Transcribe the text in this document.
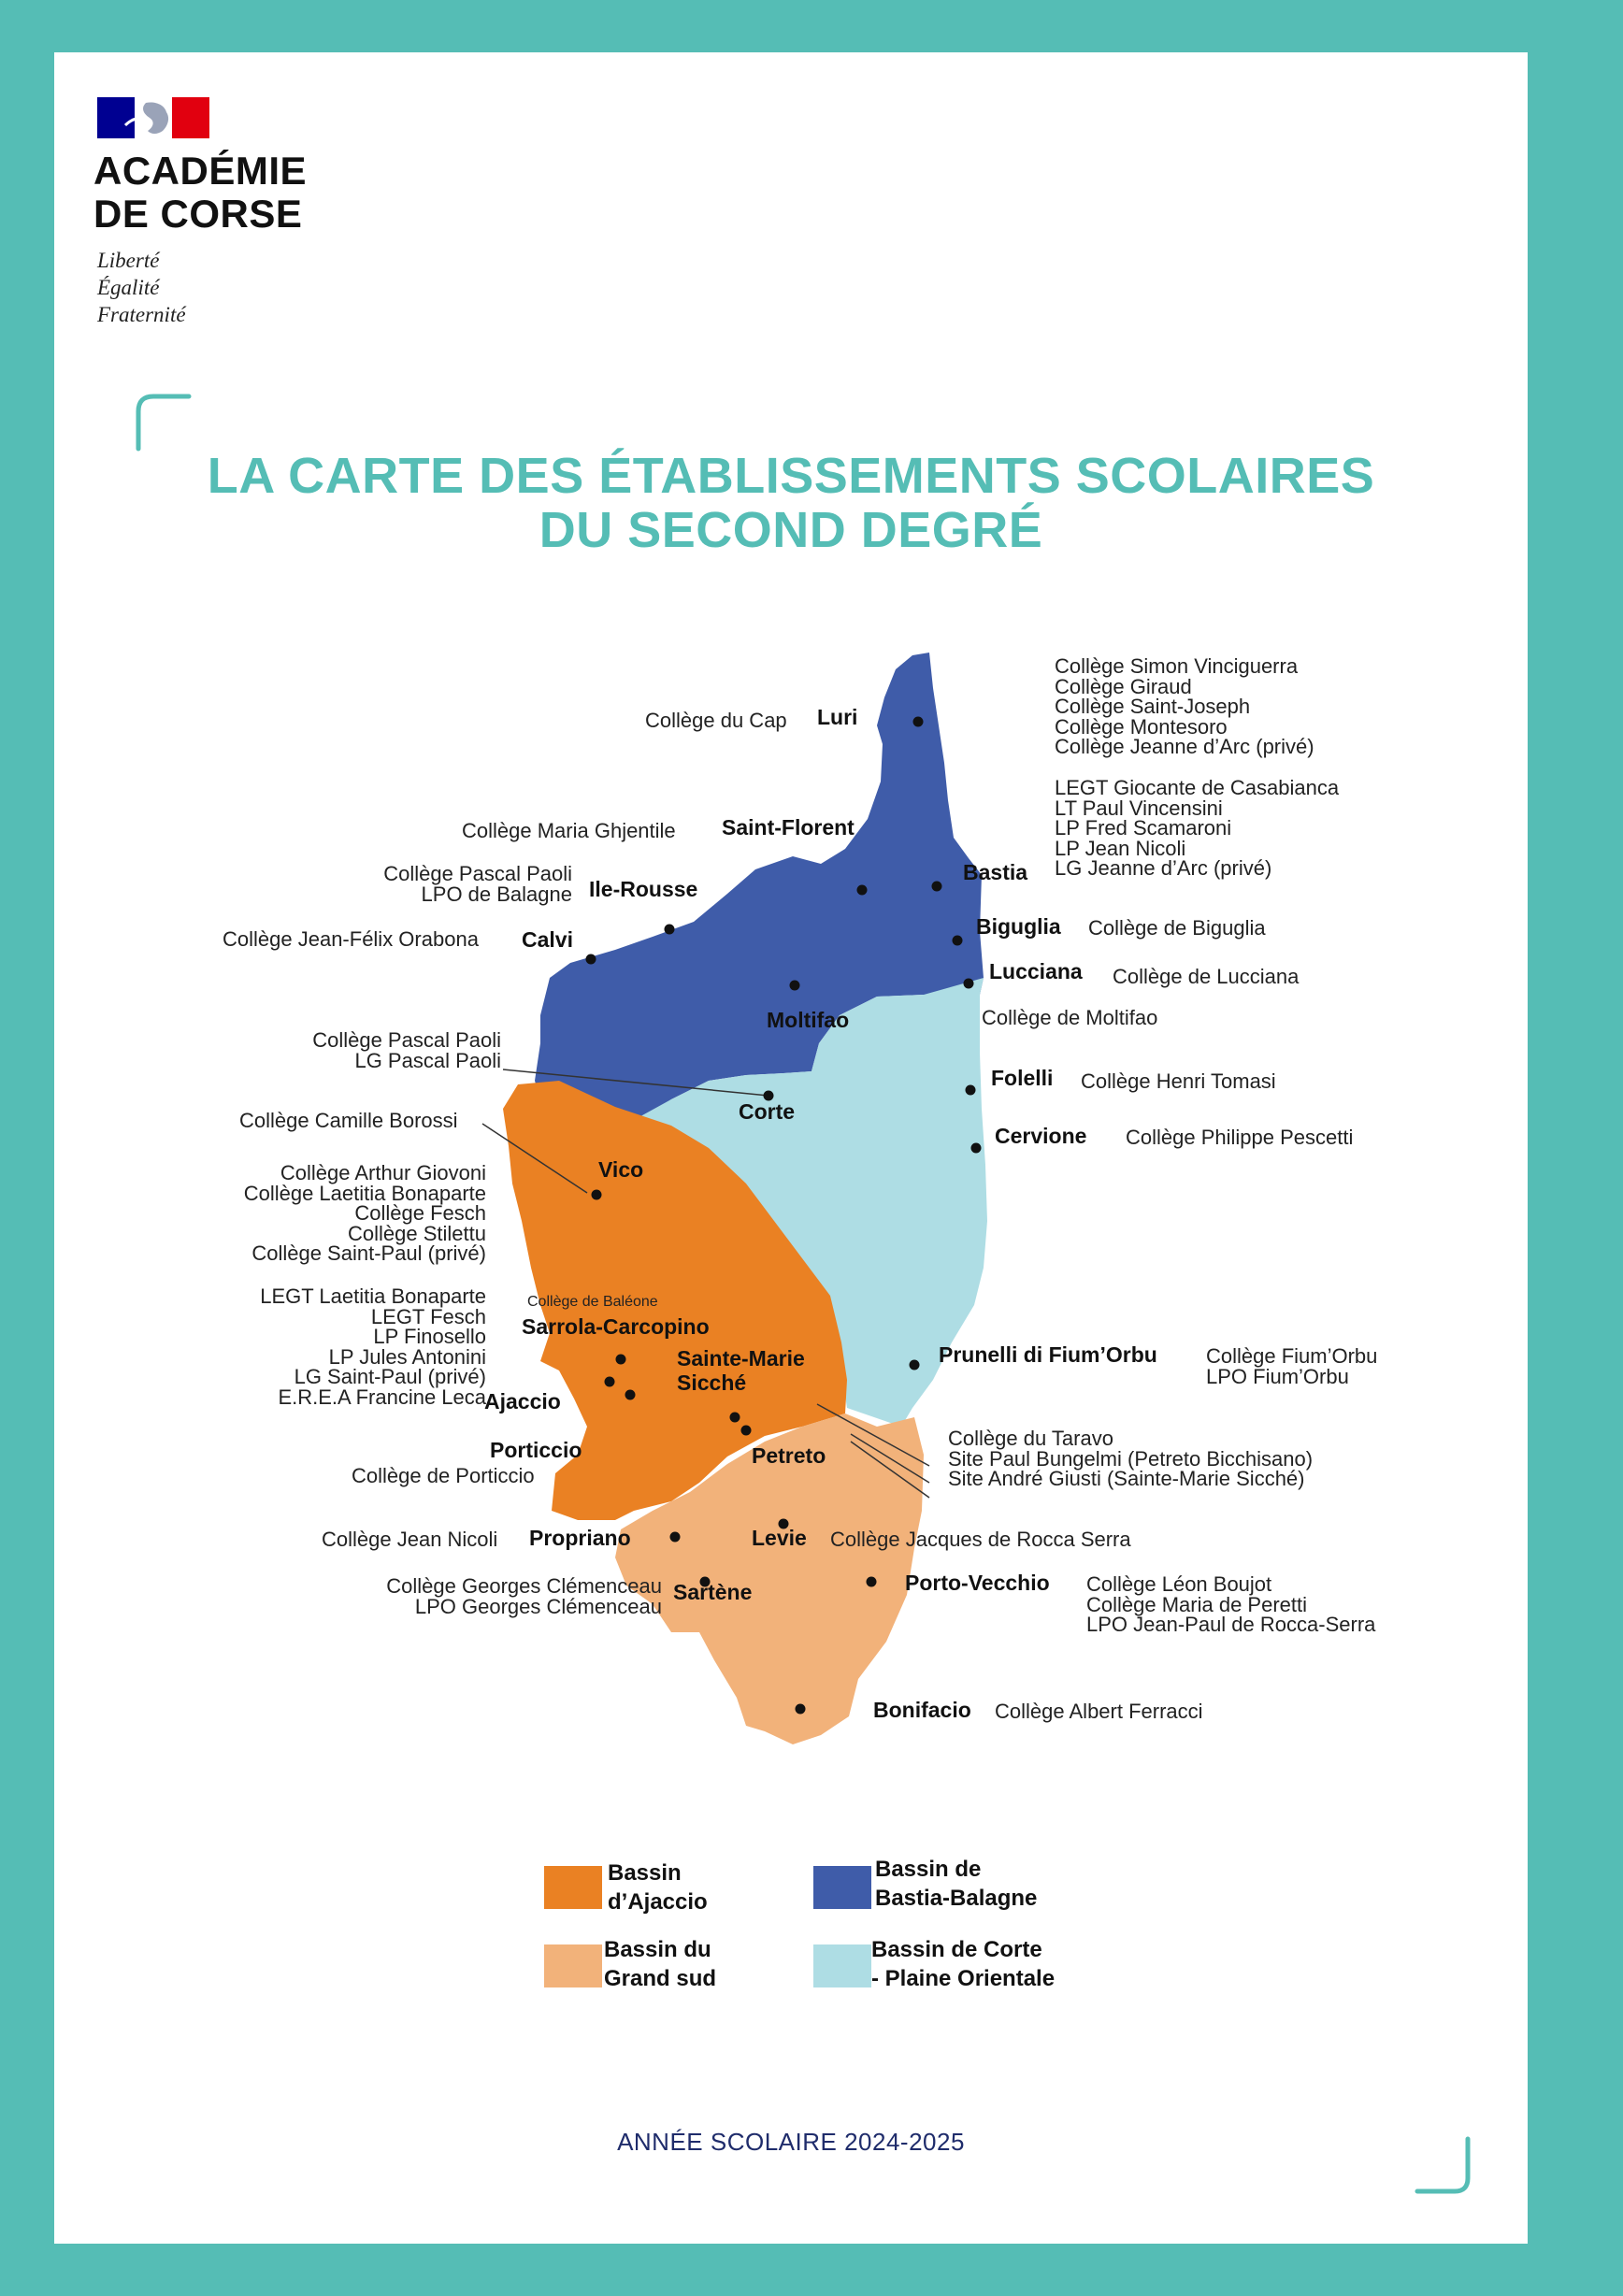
ACADÉMIE
DE CORSE
Liberté
Égalité
Fraternité
LA CARTE DES ÉTABLISSEMENTS SCOLAIRES
DU SECOND DEGRÉ
Luri
Saint-Florent
Ile-Rousse
Calvi
Bastia
Biguglia
Lucciana
Moltifao
Corte
Folelli
Cervione
Vico
Sarrola-Carcopino
Sainte-Marie
Sicché
Ajaccio
Prunelli di Fium’Orbu
Petreto
Porticcio
Propriano	Levie
Sartène	Porto-Vecchio
Bonifacio
Collège du Cap
Collège Simon Vinciguerra
Collège Giraud
Collège Saint-Joseph
Collège Montesoro
Collège Jeanne d’Arc (privé)
LEGT Giocante de Casabianca
LT Paul Vincensini
LP Fred Scamaroni
LP Jean Nicoli
LG Jeanne d’Arc (privé)
Collège Maria Ghjentile
Collège Pascal Paoli
LPO de Balagne
Collège Jean-Félix Orabona	Collège de Biguglia
Collège de Lucciana
Collège de Moltifao
Collège Pascal Paoli
LG Pascal Paoli
Collège Henri Tomasi
Collège Philippe Pescetti
Collège Camille Borossi
Collège Arthur Giovoni
Collège Laetitia Bonaparte
Collège Fesch
Collège Stilettu
Collège Saint-Paul (privé)
LEGT Laetitia Bonaparte
LEGT Fesch
LP Finosello
LP Jules Antonini
LG Saint-Paul (privé)
E.R.E.A Francine Leca
Collège de Baléone
Collège Fium’Orbu
LPO Fium’Orbu
Collège du Taravo
Site Paul Bungelmi (Petreto Bicchisano)
Site André Giusti (Sainte-Marie Sicché)
Collège de Porticcio
Collège Jean Nicoli	Collège Jacques de Rocca Serra
Collège Georges Clémenceau
LPO Georges Clémenceau
Collège Léon Boujot
Collège Maria de Peretti
LPO Jean-Paul de Rocca-Serra
Collège Albert Ferracci
Bassin
d’Ajaccio
Bassin de
Bastia-Balagne
Bassin du
Grand sud
Bassin de Corte
- Plaine Orientale
ANNÉE SCOLAIRE 2024-2025
